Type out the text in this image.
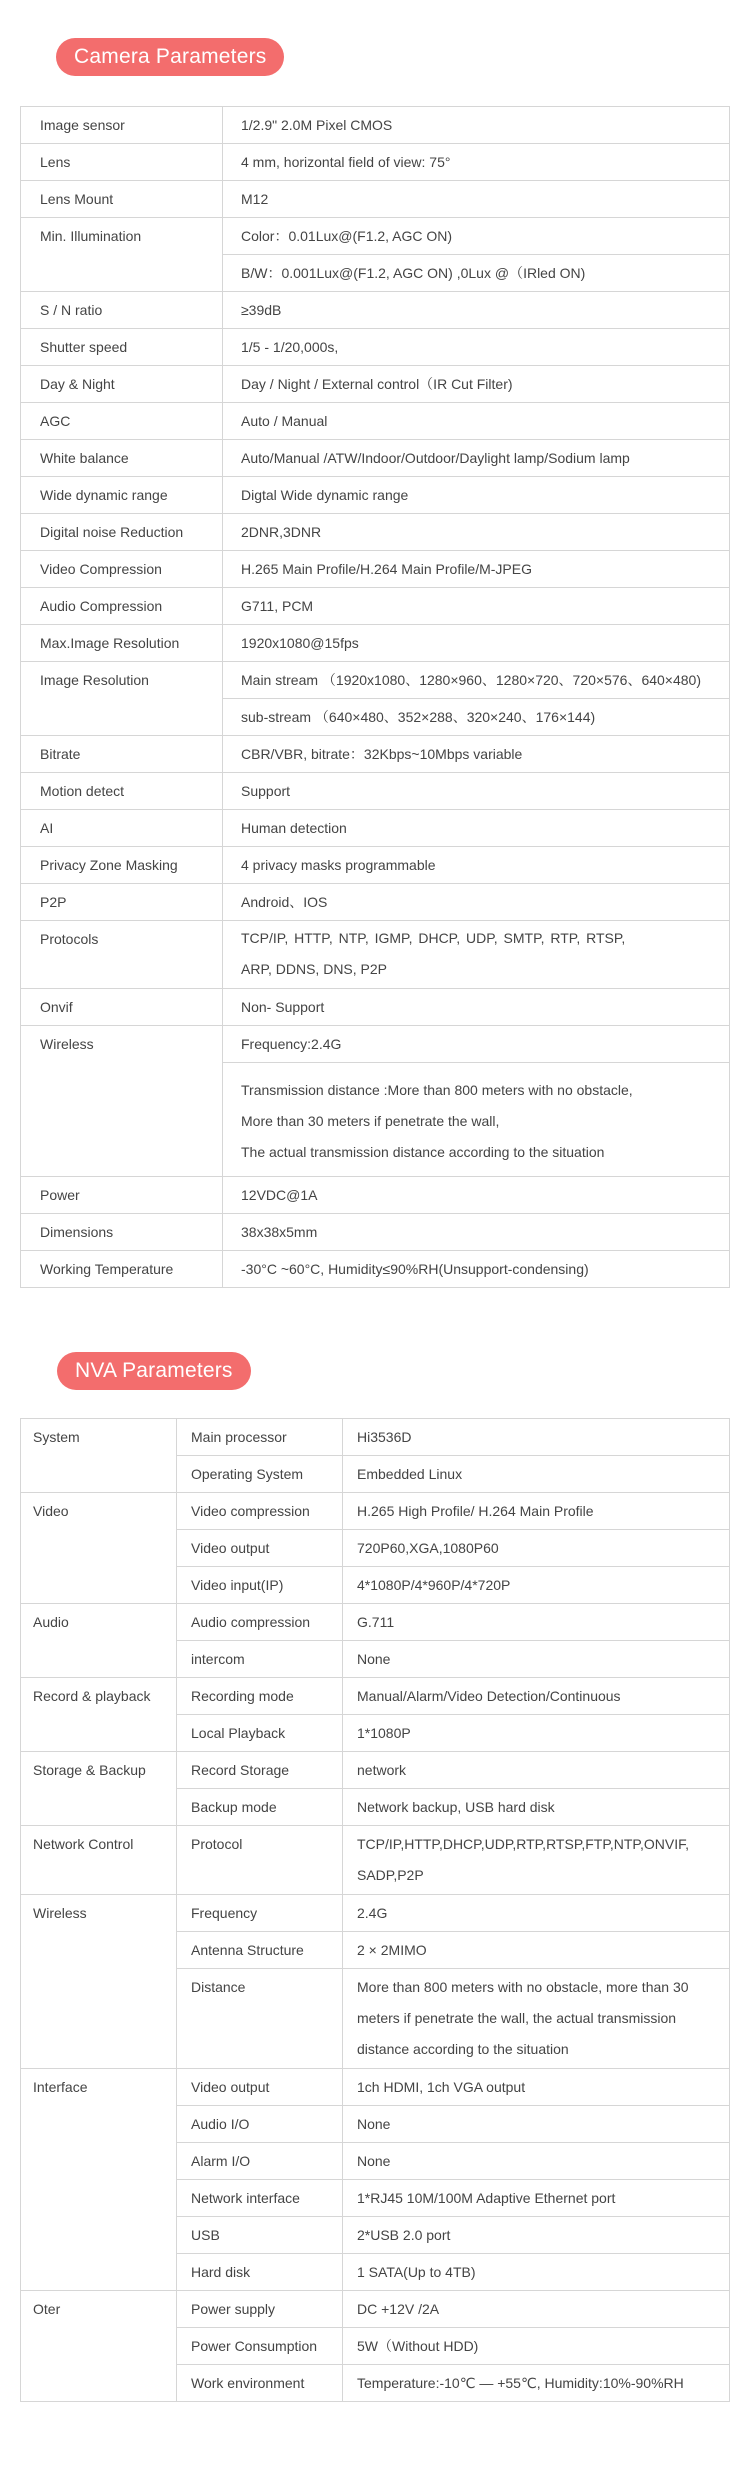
Camera Parameters
Image sensor	1/2.9" 2.0M Pixel CMOS
Lens	4 mm, horizontal field of view: 75°
Lens Mount	M12
Min. Illumination	Color：0.01Lux@(F1.2, AGC ON)
	B/W：0.001Lux@(F1.2, AGC ON) ,0Lux @（IRled ON)
S / N ratio	≥39dB
Shutter speed	1/5 - 1/20,000s,
Day & Night	Day / Night / External control（IR Cut Filter)
AGC	Auto / Manual
White balance	Auto/Manual /ATW/Indoor/Outdoor/Daylight lamp/Sodium lamp
Wide dynamic range	Digtal Wide dynamic range
Digital noise Reduction	2DNR,3DNR
Video Compression	H.265 Main Profile/H.264 Main Profile/M-JPEG
Audio Compression	G711, PCM
Max.Image Resolution	1920x1080@15fps
Image Resolution	Main stream （1920x1080、1280×960、1280×720、720×576、640×480)
	sub-stream （640×480、352×288、320×240、176×144)
Bitrate	CBR/VBR, bitrate：32Kbps~10Mbps variable
Motion detect	Support
AI	Human detection
Privacy Zone Masking	4 privacy masks programmable
P2P	Android、IOS
Protocols	TCP/IP, HTTP, NTP, IGMP, DHCP, UDP, SMTP, RTP, RTSP,
ARP, DDNS, DNS, P2P

Onvif	Non- Support
Wireless	Frequency:2.4G

	Transmission distance :More than 800 meters with no obstacle,
More than 30 meters if penetrate the wall,
The actual transmission distance according to the situation

Power	12VDC@1A
Dimensions	38x38x5mm
Working Temperature	-30°C ~60°C, Humidity≤90%RH(Unsupport-condensing)
NVA Parameters
System	Main processor	Hi3536D
	Operating System	Embedded Linux
Video	Video compression	H.265 High Profile/ H.264 Main Profile
	Video output	720P60,XGA,1080P60
	Video input(IP)	4*1080P/4*960P/4*720P
Audio	Audio compression	G.711
	intercom	None
Record & playback	Recording mode	Manual/Alarm/Video Detection/Continuous
	Local Playback	1*1080P
Storage & Backup	Record Storage	network
	Backup mode	Network backup, USB hard disk
Network Control	Protocol	TCP/IP,HTTP,DHCP,UDP,RTP,RTSP,FTP,NTP,ONVIF,
SADP,P2P

Wireless	Frequency	2.4G
	Antenna Structure	2 × 2MIMO
	Distance	More than 800 meters with no obstacle, more than 30
meters if penetrate the wall, the actual transmission
distance according to the situation

Interface	Video output	1ch HDMI, 1ch VGA output
	Audio I/O	None
	Alarm I/O	None
	Network interface	1*RJ45 10M/100M Adaptive Ethernet port
	USB	2*USB 2.0 port
	Hard disk	1 SATA(Up to 4TB)
Oter	Power supply	DC +12V /2A
	Power Consumption	5W（Without HDD)
	Work environment	Temperature:-10℃ — +55℃, Humidity:10%-90%RH
